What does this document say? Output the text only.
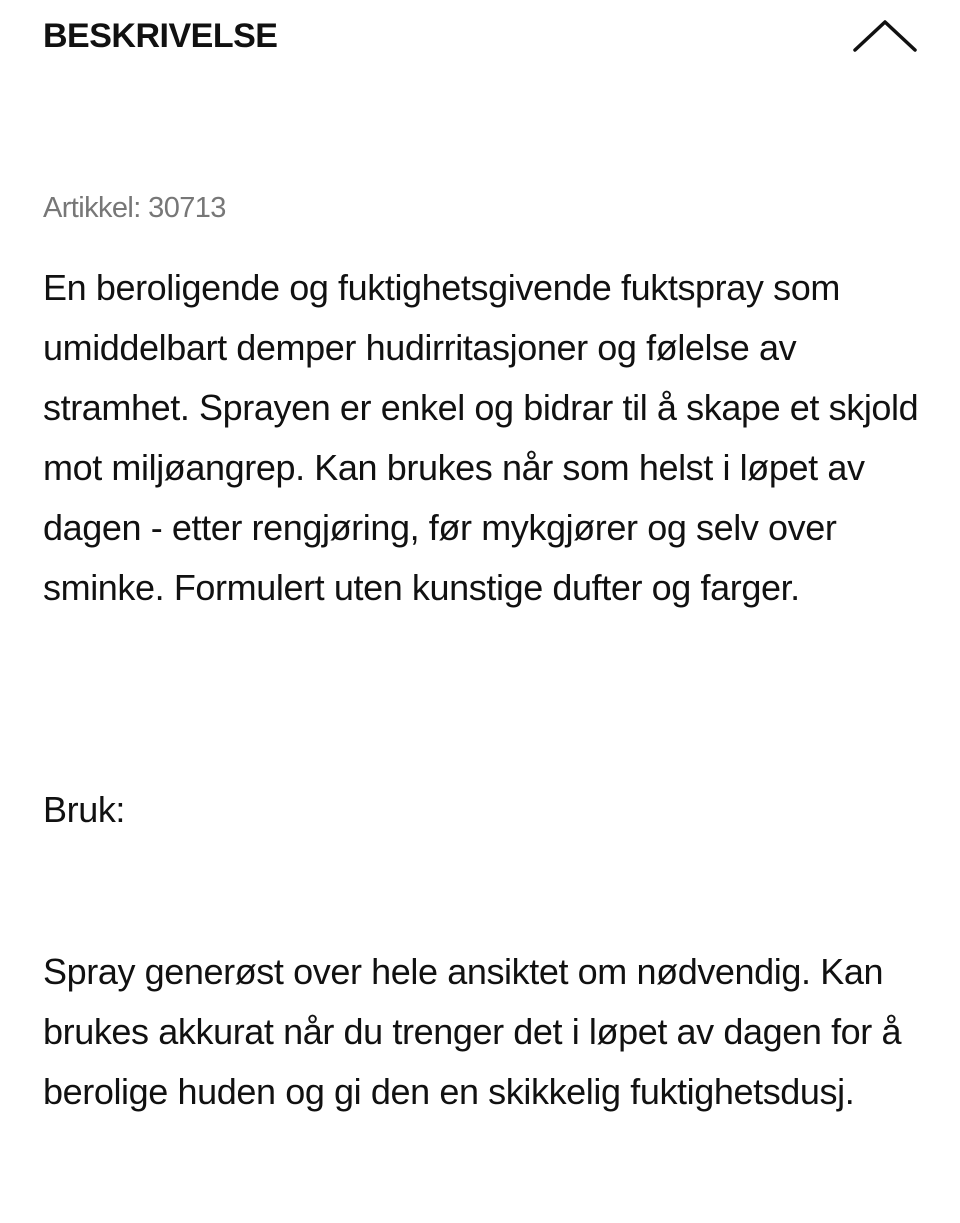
BESKRIVELSE
Artikkel: 30713

En beroligende og fuktighetsgivende fuktspray som umiddelbart demper hudirritasjoner og følelse av stramhet. Sprayen er enkel og bidrar til å skape et skjold mot miljøangrep. Kan brukes når som helst i løpet av dagen - etter rengjøring, før mykgjører og selv over sminke. Formulert uten kunstige dufter og farger.

Bruk:

Spray generøst over hele ansiktet om nødvendig. Kan brukes akkurat når du trenger det i løpet av dagen for å berolige huden og gi den en skikkelig fuktighetsdusj.
